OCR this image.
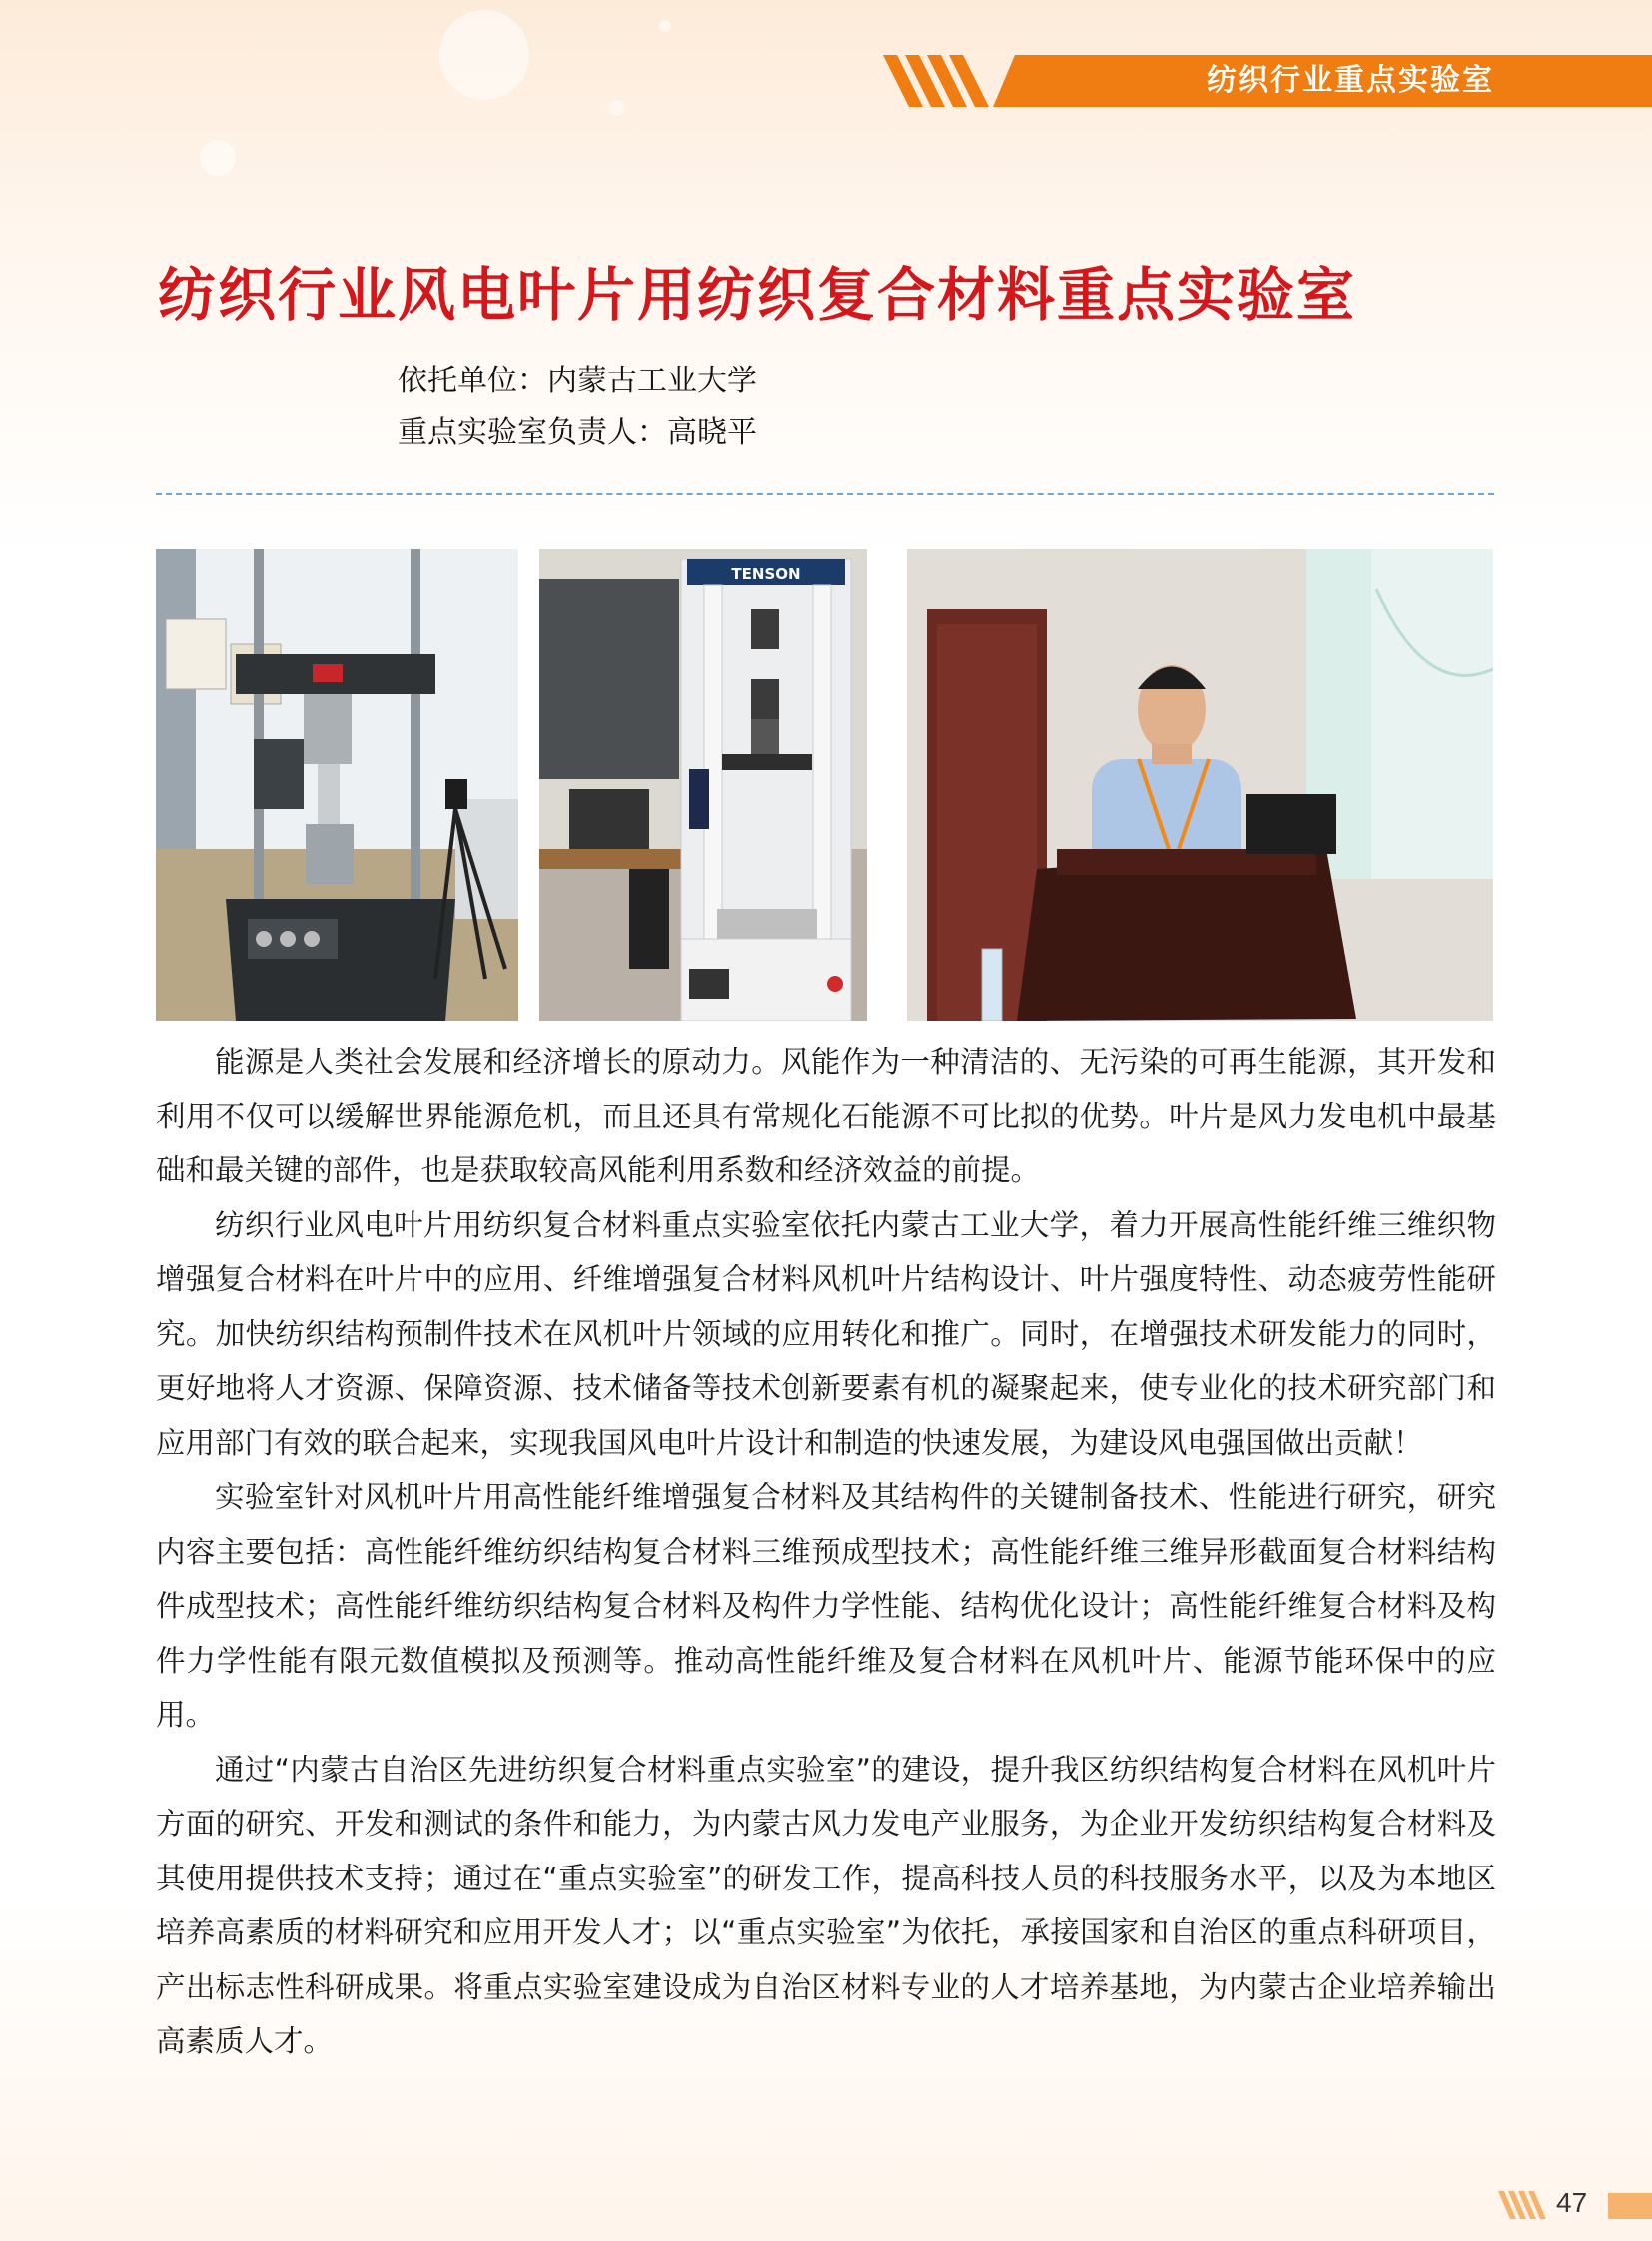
纺织行业重点实验室
纺织行业风电叶片用纺织复合材料重点实验室
依托单位：内蒙古工业大学
重点实验室负责人：高晓平
TENSON

能源是人类社会发展和经济增长的原动力。风能作为一种清洁的、无污染的可再生能源，其开发和利用不仅可以缓解世界能源危机，而且还具有常规化石能源不可比拟的优势。叶片是风力发电机中最基础和最关键的部件，也是获取较高风能利用系数和经济效益的前提。

纺织行业风电叶片用纺织复合材料重点实验室依托内蒙古工业大学，着力开展高性能纤维三维织物增强复合材料在叶片中的应用、纤维增强复合材料风机叶片结构设计、叶片强度特性、动态疲劳性能研究。加快纺织结构预制件技术在风机叶片领域的应用转化和推广。同时，在增强技术研发能力的同时，更好地将人才资源、保障资源、技术储备等技术创新要素有机的凝聚起来，使专业化的技术研究部门和应用部门有效的联合起来，实现我国风电叶片设计和制造的快速发展，为建设风电强国做出贡献！

实验室针对风机叶片用高性能纤维增强复合材料及其结构件的关键制备技术、性能进行研究，研究内容主要包括：高性能纤维纺织结构复合材料三维预成型技术；高性能纤维三维异形截面复合材料结构件成型技术；高性能纤维纺织结构复合材料及构件力学性能、结构优化设计；高性能纤维复合材料及构件力学性能有限元数值模拟及预测等。推动高性能纤维及复合材料在风机叶片、能源节能环保中的应用。

通过“内蒙古自治区先进纺织复合材料重点实验室”的建设，提升我区纺织结构复合材料在风机叶片方面的研究、开发和测试的条件和能力，为内蒙古风力发电产业服务，为企业开发纺织结构复合材料及其使用提供技术支持；通过在“重点实验室”的研发工作，提高科技人员的科技服务水平，以及为本地区培养高素质的材料研究和应用开发人才；以“重点实验室”为依托，承接国家和自治区的重点科研项目，产出标志性科研成果。将重点实验室建设成为自治区材料专业的人才培养基地，为内蒙古企业培养输出高素质人才。

47
